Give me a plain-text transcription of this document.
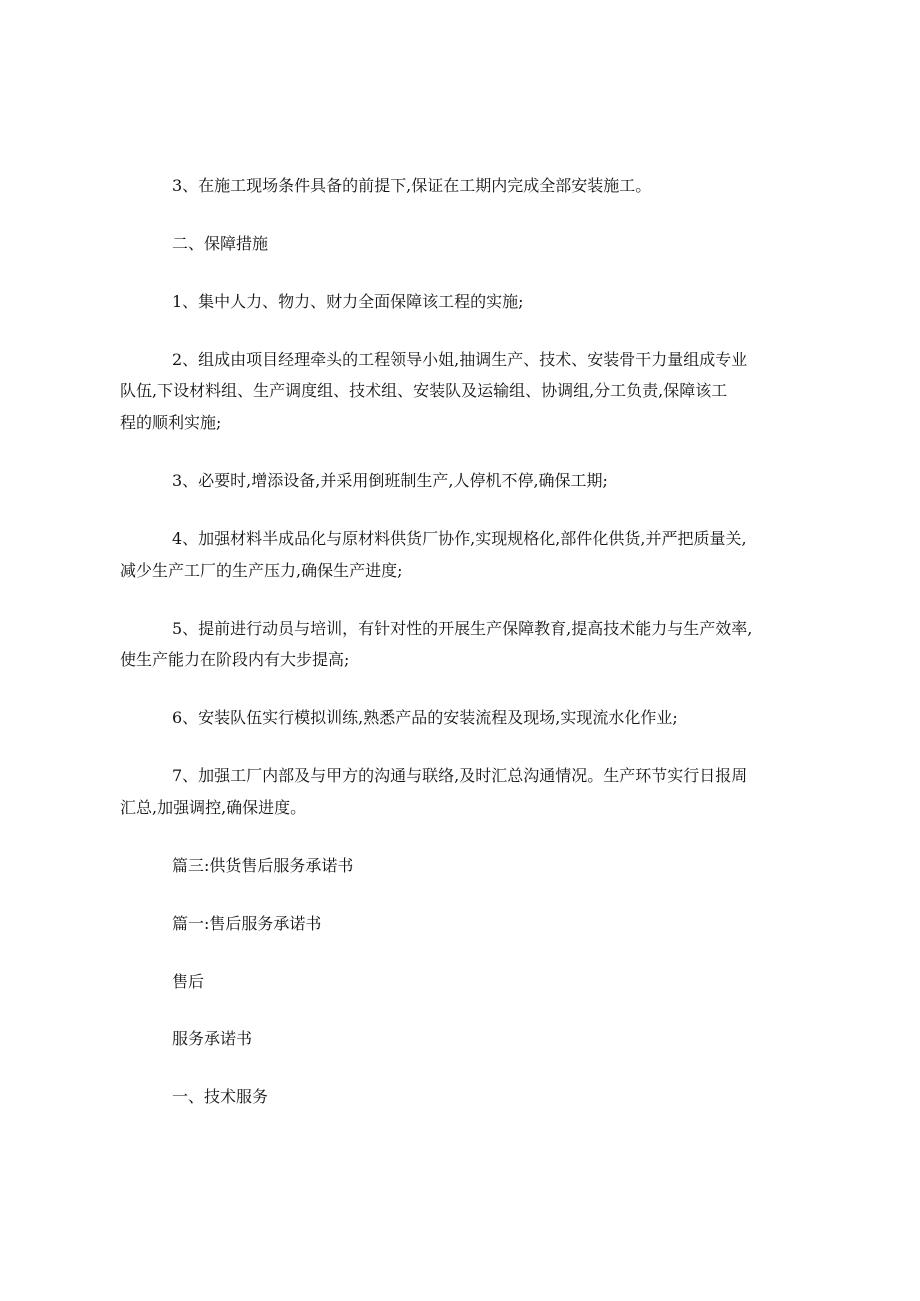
3、在施工现场条件具备的前提下,保证在工期内完成全部安装施工。

二、保障措施

1、集中人力、物力、财力全面保障该工程的实施;

2、组成由项目经理牵头的工程领导小姐,抽调生产、技术、安装骨干力量组成专业

队伍,下设材料组、生产调度组、技术组、安装队及运输组、协调组,分工负责,保障该工

程的顺利实施;

3、必要时,增添设备,并采用倒班制生产,人停机不停,确保工期;

4、加强材料半成品化与原材料供货厂协作,实现规格化,部件化供货,并严把质量关,

减少生产工厂的生产压力,确保生产进度;

5、提前进行动员与培训，有针对性的开展生产保障教育,提高技术能力与生产效率,

使生产能力在阶段内有大步提高;

6、安装队伍实行模拟训练,熟悉产品的安装流程及现场,实现流水化作业;

7、加强工厂内部及与甲方的沟通与联络,及时汇总沟通情况。生产环节实行日报周

汇总,加强调控,确保进度。

篇三:供货售后服务承诺书

篇一:售后服务承诺书

售后

服务承诺书

一、技术服务
